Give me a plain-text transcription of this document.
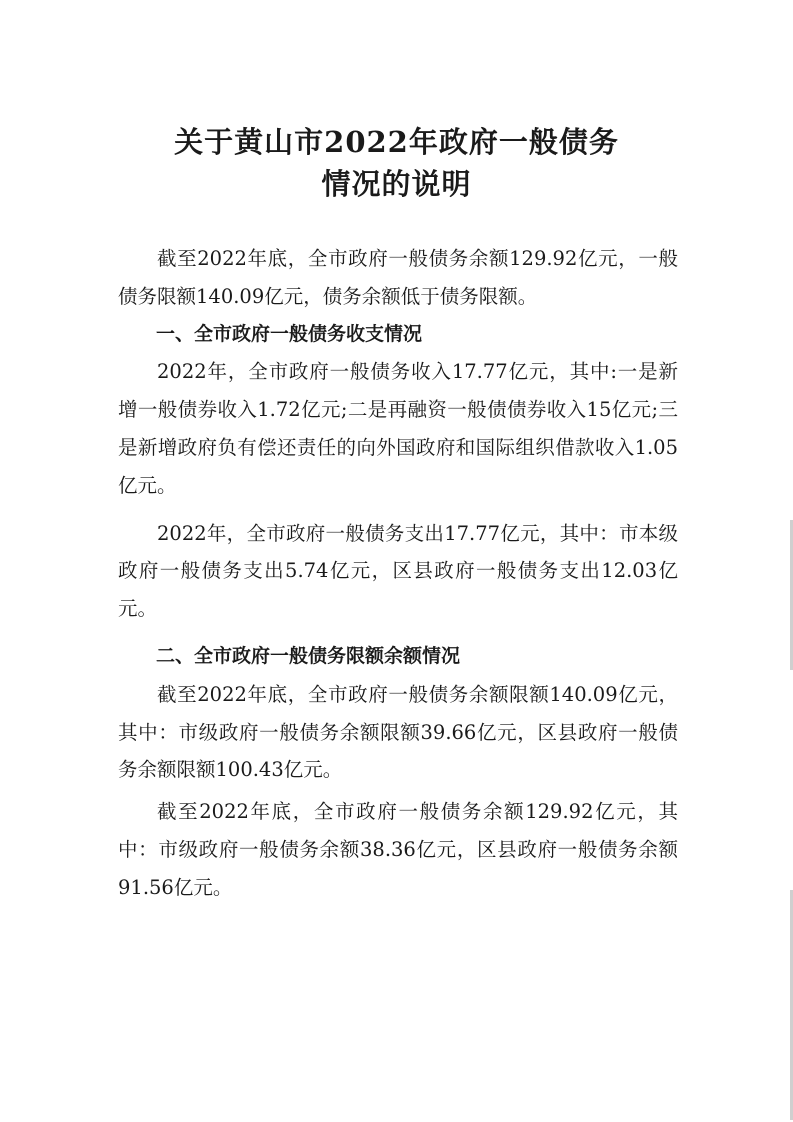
关于黄山市2022年政府一般债务
情况的说明

截至2022年底，全市政府一般债务余额129.92亿元，一般债务限额140.09亿元，债务余额低于债务限额。

一、全市政府一般债务收支情况

2022年，全市政府一般债务收入17.77亿元，其中:一是新增一般债券收入1.72亿元;二是再融资一般债债券收入15亿元;三是新增政府负有偿还责任的向外国政府和国际组织借款收入1.05亿元。

2022年，全市政府一般债务支出17.77亿元，其中：市本级政府一般债务支出5.74亿元，区县政府一般债务支出12.03亿元。

二、全市政府一般债务限额余额情况

截至2022年底，全市政府一般债务余额限额140.09亿元，其中：市级政府一般债务余额限额39.66亿元，区县政府一般债务余额限额100.43亿元。

截至2022年底，全市政府一般债务余额129.92亿元，其中：市级政府一般债务余额38.36亿元，区县政府一般债务余额91.56亿元。
